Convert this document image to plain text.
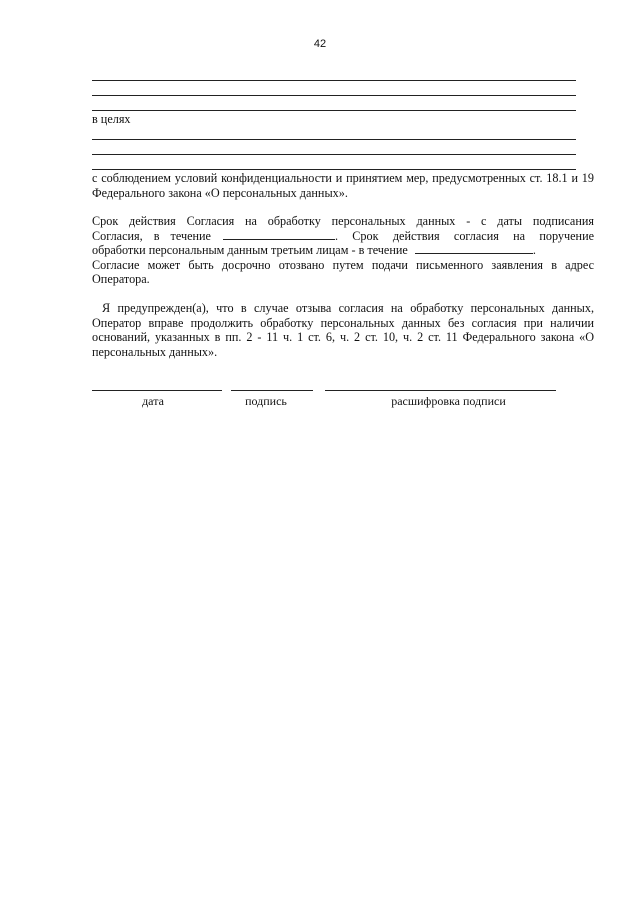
42
в целях
с соблюдением условий конфиденциальности и принятием мер, предусмотренных ст. 18.1 и 19 Федерального закона «О персональных данных».
Срок действия Согласия на обработку персональных данных - с даты подписания
Согласия, в течение	. Срок действия согласия на поручение
обработки персональным данным третьим лицам - в течение	.
Согласие может быть досрочно отозвано путем подачи письменного заявления в адрес
Оператора.
Я предупрежден(а), что в случае отзыва согласия на обработку персональных данных, Оператор вправе продолжить обработку персональных данных без согласия при наличии оснований, указанных в пп. 2 - 11 ч. 1 ст. 6, ч. 2 ст. 10, ч. 2 ст. 11 Федерального закона «О персональных данных».
дата	подпись	расшифровка подписи
